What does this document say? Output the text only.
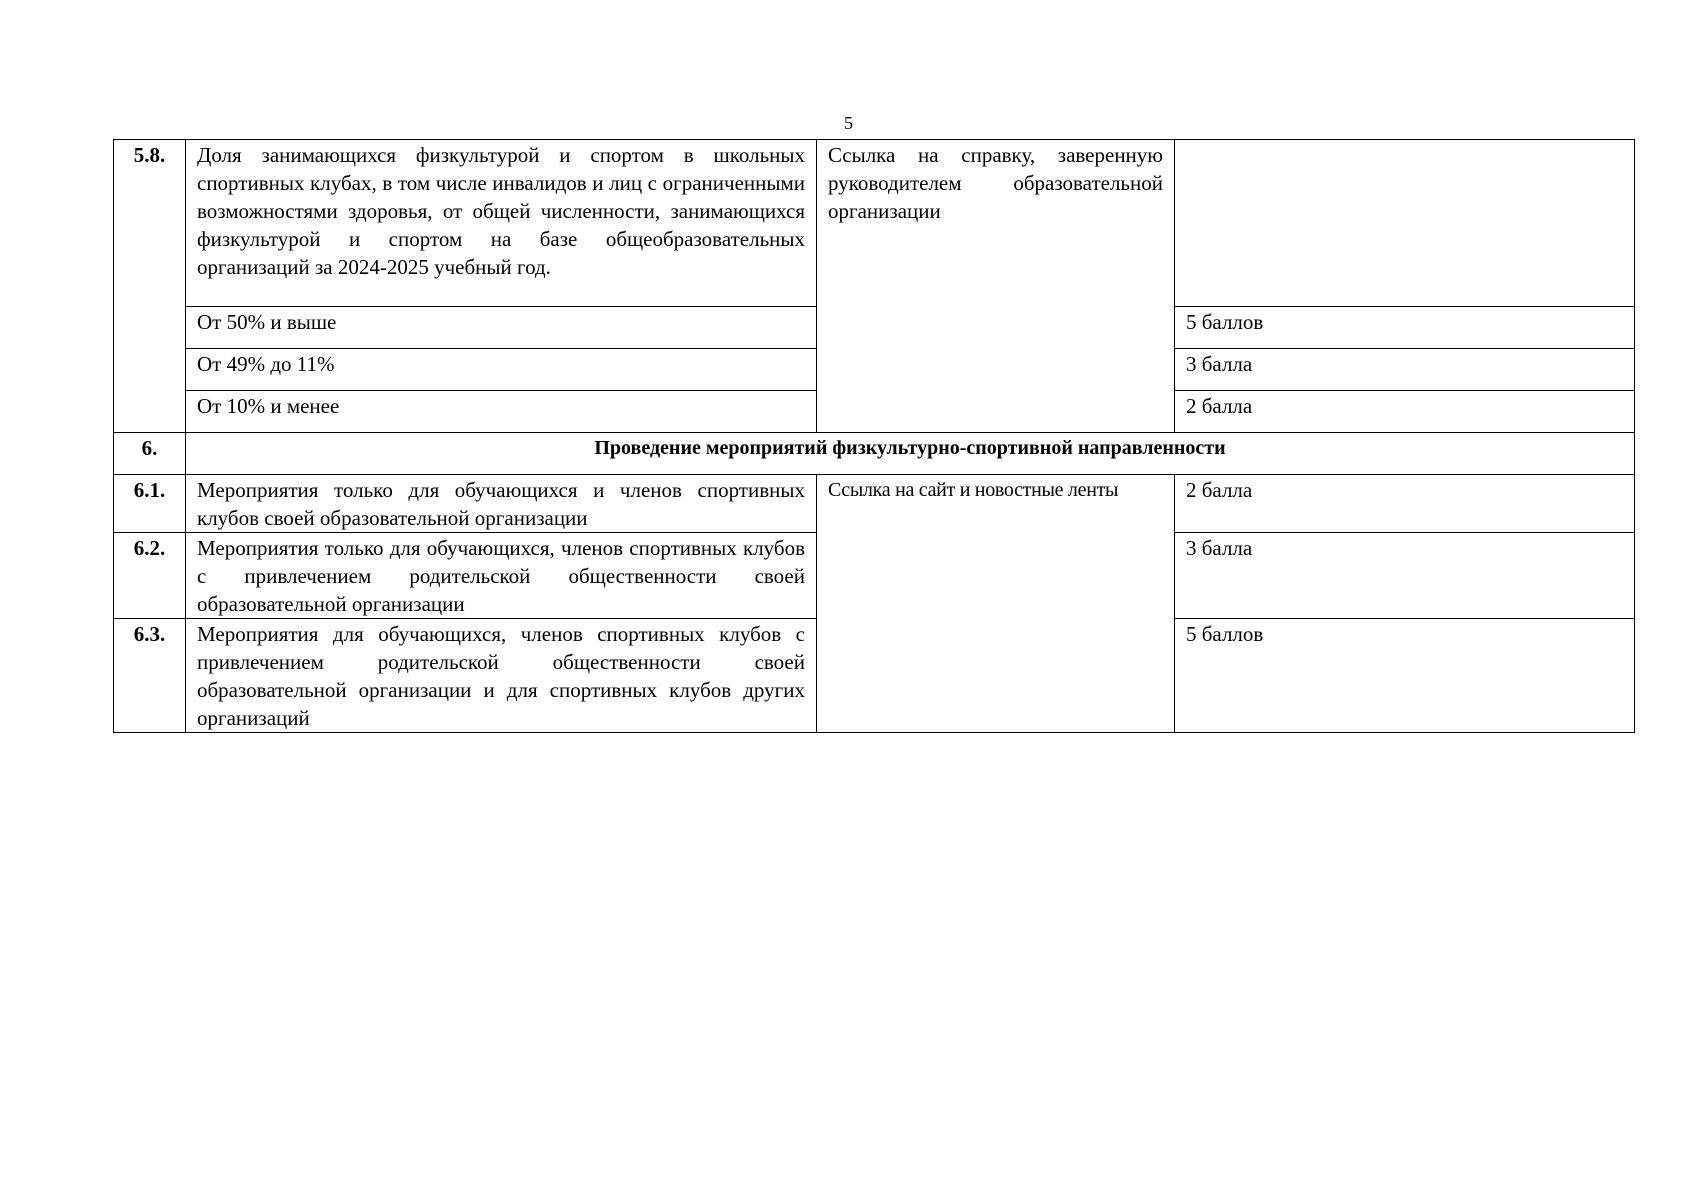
5
5.8.	Доля занимающихся физкультурой и спортом в школьных спортивных клубах, в том числе инвалидов и лиц с ограниченными возможностями здоровья, от общей численности, занимающихся физкультурой и спортом на базе общеобразовательных организаций за 2024-2025 учебный год.	Ссылка на справку, заверенную руководителем образовательной организации	
	От 50% и выше		5 баллов
	От 49% до 11%		3 балла
	От 10% и менее		2 балла
6.	Проведение мероприятий физкультурно-спортивной направленности		
6.1.	Мероприятия только для обучающихся и членов спортивных клубов своей образовательной организации	Ссылка на сайт и новостные ленты	2 балла
6.2.	Мероприятия только для обучающихся, членов спортивных клубов с привлечением родительской общественности своей образовательной организации		3 балла
6.3.	Мероприятия для обучающихся, членов спортивных клубов с привлечением родительской общественности своей образовательной организации и для спортивных клубов других организаций		5 баллов
